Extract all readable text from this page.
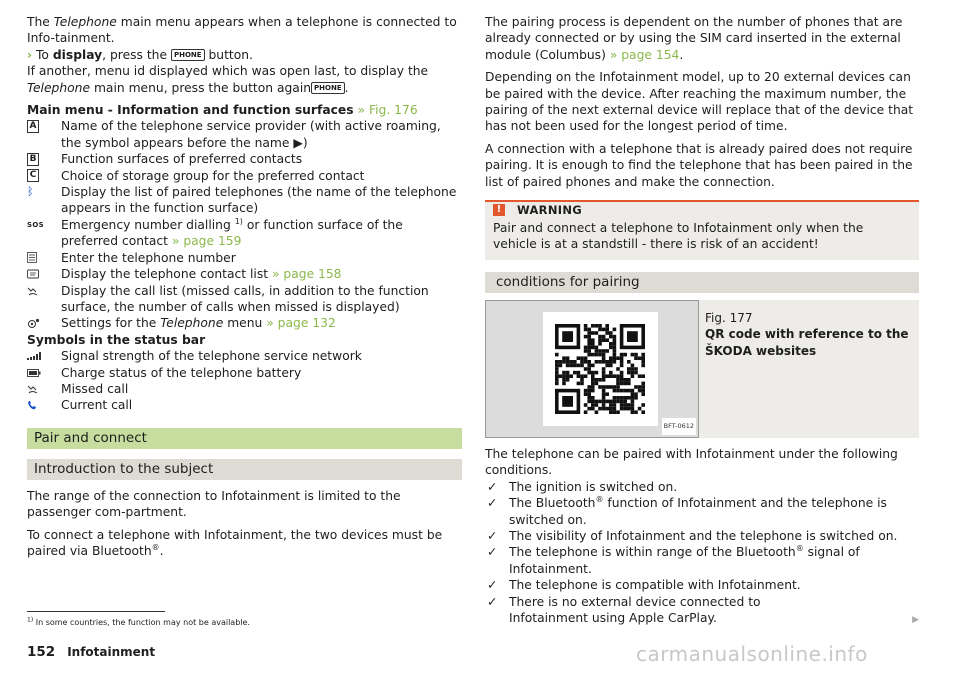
The Telephone main menu appears when a telephone is connected to Info-tainment.

› To display, press the PHONE button.

If another, menu id displayed which was open last, to display the Telephone main menu, press the button again PHONE .

Main menu - Information and function surfaces » Fig. 176

A Name of the telephone service provider (with active roaming, the symbol appears before the name ▶)
B Function surfaces of preferred contacts
C Choice of storage group for the preferred contact
ᛒ Display the list of paired telephones (the name of the telephone appears in the function surface)
SOS Emergency number dialling $^{1)}$ or function surface of the preferred contact » page 159
Enter the telephone number
Display the telephone contact list » page 158
Display the call list (missed calls, in addition to the function surface, the number of calls when missed is displayed)
Settings for the Telephone menu » page 132

Symbols in the status bar

Signal strength of the telephone service network
Charge status of the telephone battery
Missed call
Current call
Pair and connect
Introduction to the subject

The range of the connection to Infotainment is limited to the passenger com-partment.

To connect a telephone with Infotainment, the two devices must be paired via Bluetooth®.

The pairing process is dependent on the number of phones that are already connected or by using the SIM card inserted in the external module (Columbus) » page 154.

Depending on the Infotainment model, up to 20 external devices can be paired with the device. After reaching the maximum number, the pairing of the next external device will replace that of the device that has not been used for the longest period of time.

A connection with a telephone that is already paired does not require pairing. It is enough to find the telephone that has been paired in the list of paired phones and make the connection.

!	WARNING
Pair and connect a telephone to Infotainment only when the vehicle is at a standstill - there is risk of an accident!
conditions for pairing
BFT-0612
Fig. 177
QR code with reference to the ŠKODA websites

The telephone can be paired with Infotainment under the following conditions.

✓ The ignition is switched on.
✓ The Bluetooth® function of Infotainment and the telephone is switched on.
✓ The visibility of Infotainment and the telephone is switched on.
✓ The telephone is within range of the Bluetooth® signal of Infotainment.
✓ The telephone is compatible with Infotainment.
✓ There is no external device connected to Infotainment using Apple CarPlay.	▶
$^{1)}$ In some countries, the function may not be available.
152 Infotainment	carmanualsonline.info
